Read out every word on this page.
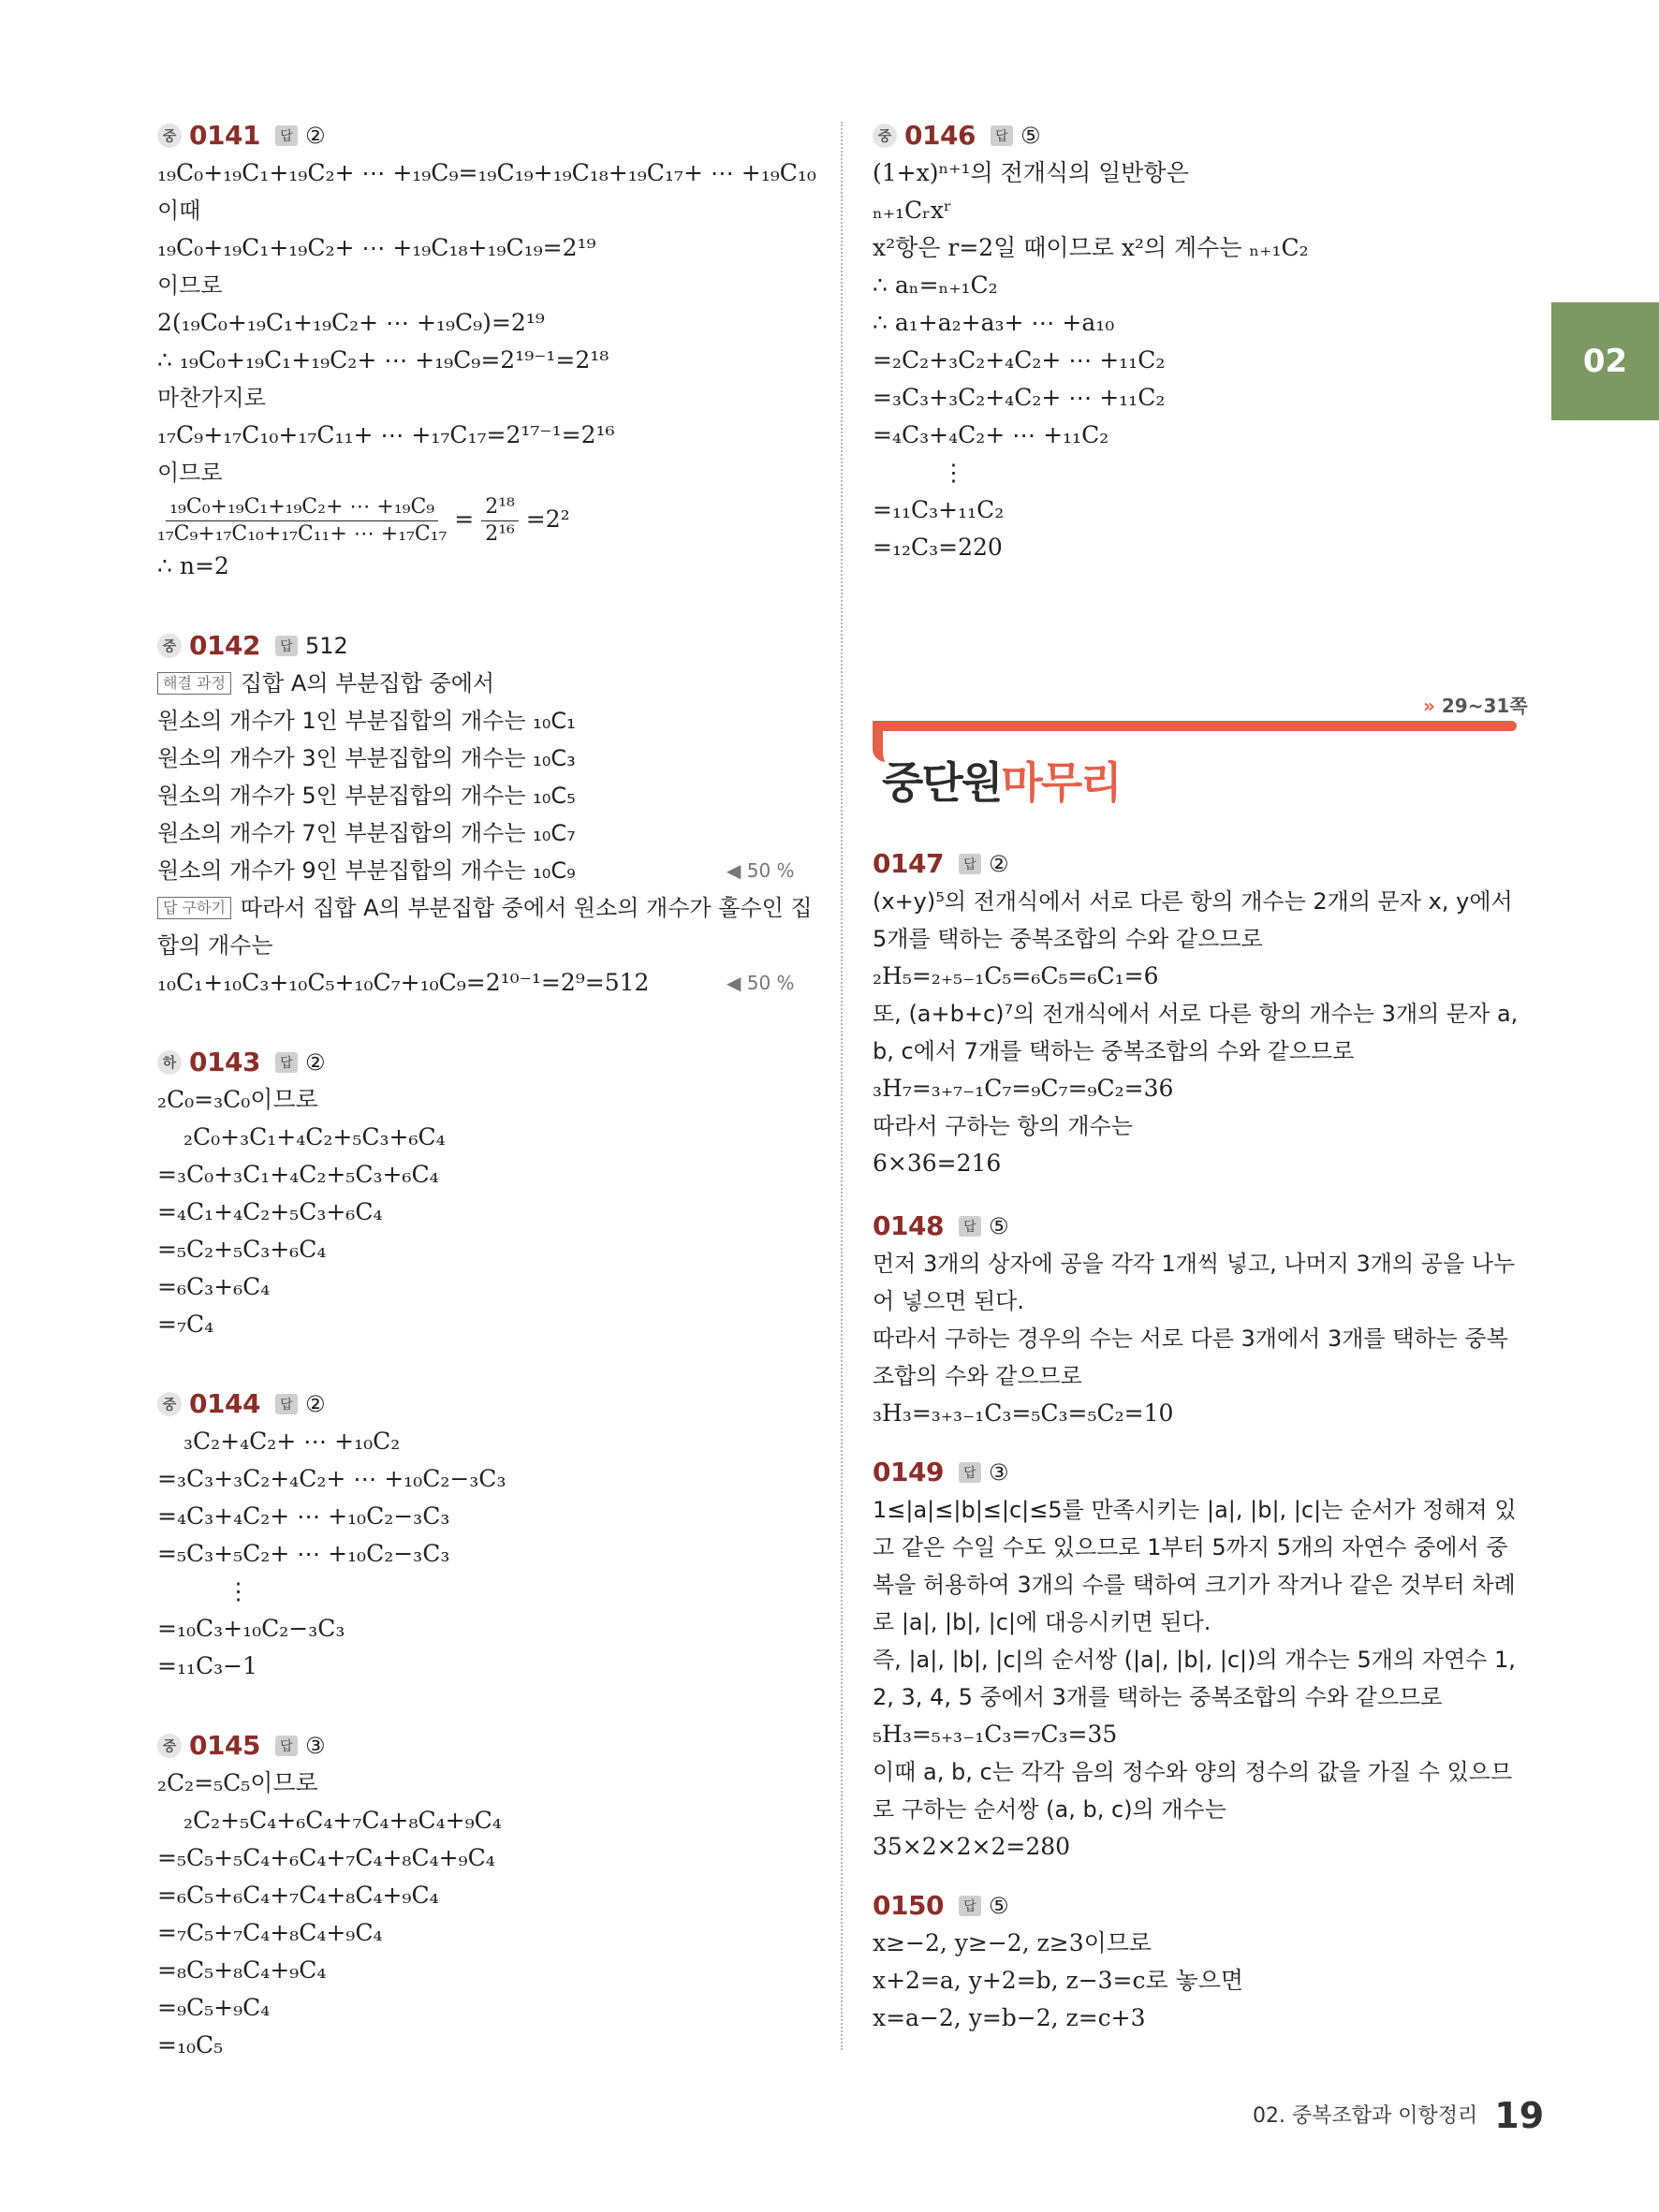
중 0141	답 ②
₁₉C₀+₁₉C₁+₁₉C₂+ ⋯ +₁₉C₉=₁₉C₁₉+₁₉C₁₈+₁₉C₁₇+ ⋯ +₁₉C₁₀
이때
₁₉C₀+₁₉C₁+₁₉C₂+ ⋯ +₁₉C₁₈+₁₉C₁₉=2¹⁹
이므로
2(₁₉C₀+₁₉C₁+₁₉C₂+ ⋯ +₁₉C₉)=2¹⁹
∴ ₁₉C₀+₁₉C₁+₁₉C₂+ ⋯ +₁₉C₉=2¹⁹⁻¹=2¹⁸
마찬가지로
₁₇C₉+₁₇C₁₀+₁₇C₁₁+ ⋯ +₁₇C₁₇=2¹⁷⁻¹=2¹⁶
이므로
$\frac{\text{₁₉C₀+₁₉C₁+₁₉C₂+ ⋯ +₁₉C₉}}{\text{₁₇C₉+₁₇C₁₀+₁₇C₁₁+ ⋯ +₁₇C₁₇}} = \frac{\text{2¹⁸}}{\text{2¹⁶}} =2^2$
∴ n=2
중 0142	답 512
해결 과정 집합 A의 부분집합 중에서
원소의 개수가 1인 부분집합의 개수는 ₁₀C₁
원소의 개수가 3인 부분집합의 개수는 ₁₀C₃
원소의 개수가 5인 부분집합의 개수는 ₁₀C₅
원소의 개수가 7인 부분집합의 개수는 ₁₀C₇
원소의 개수가 9인 부분집합의 개수는 ₁₀C₉	◀ 50 %
답 구하기 따라서 집합 A의 부분집합 중에서 원소의 개수가 홀수인 집합의 개수는
₁₀C₁+₁₀C₃+₁₀C₅+₁₀C₇+₁₀C₉=2¹⁰⁻¹=2⁹=512	◀ 50 %
하 0143	답 ②
₂C₀=₃C₀이므로
₂C₀+₃C₁+₄C₂+₅C₃+₆C₄
=₃C₀+₃C₁+₄C₂+₅C₃+₆C₄
=₄C₁+₄C₂+₅C₃+₆C₄
=₅C₂+₅C₃+₆C₄
=₆C₃+₆C₄
=₇C₄
중 0144	답 ②
₃C₂+₄C₂+ ⋯ +₁₀C₂
=₃C₃+₃C₂+₄C₂+ ⋯ +₁₀C₂−₃C₃
=₄C₃+₄C₂+ ⋯ +₁₀C₂−₃C₃
=₅C₃+₅C₂+ ⋯ +₁₀C₂−₃C₃
⋮
=₁₀C₃+₁₀C₂−₃C₃
=₁₁C₃−1
중 0145	답 ③
₂C₂=₅C₅이므로
₂C₂+₅C₄+₆C₄+₇C₄+₈C₄+₉C₄
=₅C₅+₅C₄+₆C₄+₇C₄+₈C₄+₉C₄
=₆C₅+₆C₄+₇C₄+₈C₄+₉C₄
=₇C₅+₇C₄+₈C₄+₉C₄
=₈C₅+₈C₄+₉C₄
=₉C₅+₉C₄
=₁₀C₅
중 0146	답 ⑤
(1+x)ⁿ⁺¹의 전개식의 일반항은
ₙ₊₁Cᵣxʳ
x²항은 r=2일 때이므로 x²의 계수는 ₙ₊₁C₂
∴ aₙ=ₙ₊₁C₂
∴ a₁+a₂+a₃+ ⋯ +a₁₀
=₂C₂+₃C₂+₄C₂+ ⋯ +₁₁C₂
=₃C₃+₃C₂+₄C₂+ ⋯ +₁₁C₂
=₄C₃+₄C₂+ ⋯ +₁₁C₂
⋮
=₁₁C₃+₁₁C₂
=₁₂C₃=220
02
» 29~31쪽
중단원마무리
0147	답 ②
(x+y)⁵의 전개식에서 서로 다른 항의 개수는 2개의 문자 x, y에서 5개를 택하는 중복조합의 수와 같으므로
₂H₅=₂₊₅₋₁C₅=₆C₅=₆C₁=6
또, (a+b+c)⁷의 전개식에서 서로 다른 항의 개수는 3개의 문자 a, b, c에서 7개를 택하는 중복조합의 수와 같으므로
₃H₇=₃₊₇₋₁C₇=₉C₇=₉C₂=36
따라서 구하는 항의 개수는
6×36=216
0148	답 ⑤
먼저 3개의 상자에 공을 각각 1개씩 넣고, 나머지 3개의 공을 나누어 넣으면 된다.
따라서 구하는 경우의 수는 서로 다른 3개에서 3개를 택하는 중복조합의 수와 같으므로
₃H₃=₃₊₃₋₁C₃=₅C₃=₅C₂=10
0149	답 ③
1≤|a|≤|b|≤|c|≤5를 만족시키는 |a|, |b|, |c|는 순서가 정해져 있고 같은 수일 수도 있으므로 1부터 5까지 5개의 자연수 중에서 중복을 허용하여 3개의 수를 택하여 크기가 작거나 같은 것부터 차례로 |a|, |b|, |c|에 대응시키면 된다.
즉, |a|, |b|, |c|의 순서쌍 (|a|, |b|, |c|)의 개수는 5개의 자연수 1, 2, 3, 4, 5 중에서 3개를 택하는 중복조합의 수와 같으므로
₅H₃=₅₊₃₋₁C₃=₇C₃=35
이때 a, b, c는 각각 음의 정수와 양의 정수의 값을 가질 수 있으므로 구하는 순서쌍 (a, b, c)의 개수는
35×2×2×2=280
0150	답 ⑤
x≥−2, y≥−2, z≥3이므로
x+2=a, y+2=b, z−3=c로 놓으면
x=a−2, y=b−2, z=c+3
02. 중복조합과 이항정리 19
